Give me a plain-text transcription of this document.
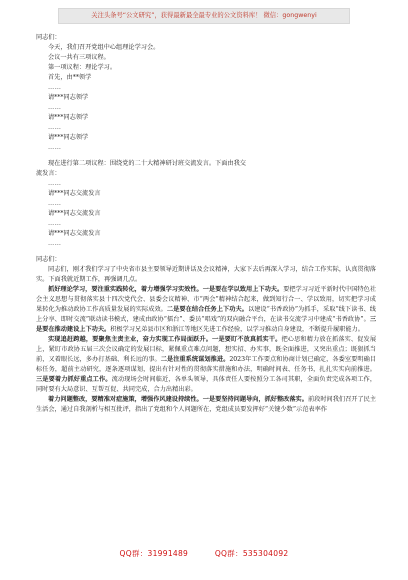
关注头条号“公文研究”，获得最新最全最专业的公文资料库！ 微信：gongwenyi
同志们：
今天，我们召开党组中心组理论学习会。
会议一共有三项议程。
第一项议程：理论学习。
首先，由**领学
……
请***同志领学
……
请***同志领学
……
请***同志领学
……
现在进行第二项议程：围绕党的二十大精神研讨班交流发言。下面由我交
流发言：
……
请***同志交流发言
……
请***同志交流发言
……
请***同志交流发言
……
同志们：

同志们，刚才我们学习了中央省市县主要领导近期讲话及会议精神，大家下去后再深入学习，结合工作实际，认真贯彻落实。下面我就近期工作，再强调几点。

抓好理论学习，要注重实践转化，着力增强学习实效性。一是要在学以致用上下功夫。要把学习习近平新时代中国特色社会主义思想与贯彻落实县十四次党代会、县委会议精神、市“两会”精神结合起来，做到知行合一、学以致用，切实把学习成果转化为推动政协工作高质量发展的实际成效。二是要在结合任务上下功夫。以建设“书香政协”为抓手，采取“线下读书、线上分享、即时交流”联动读书模式，建成由政协“擂台”、委员“唱戏”的双向融合平台，在读书交流学习中建成“书香政协”。三是要在推动建设上下功夫。积极学习兄弟县市区和浙江等地区先进工作经验，以学习推动自身建设，不断提升履职能力。

实现追赶跨越，要聚焦主责主业，奋力实现工作局面跃升。一是要盯不放真抓实干。把心思和精力放在抓落实、促发展上，紧盯市政协五届三次会议确定的发展目标，紧佩重点难点问题，想实招、办实事，既全面推进，又突出重点；既狠抓当前，又着眼长远，多办打基础、利长远的事。二是注重系统谋划推进。2023年工作要点和协商计划已确定，各委室要明确目标任务，超前主动研究，逐条逐项谋划，提出有针对性的贯彻落实措施和办法，明确时间表、任务书，扎扎实实向前推进。三是要着力抓好重点工作。流动现场会时间临近，各单头领导，具体责任人要按照分工各司其职，全面负责完成各项工作，同时要有大局意识、互帮互促、共同完成，合力出精出彩。

着力问题整改，要精准对症施策，增强作风建设持续性。一是要坚持问题导向，抓好整改落实。前段时间我们召开了民主生活会，通过自我剖析与相互批评，指出了党组和个人问题所在，党组成员要发挥好“关键少数”示范表率作

QQ群：31991489	QQ群：535304092
